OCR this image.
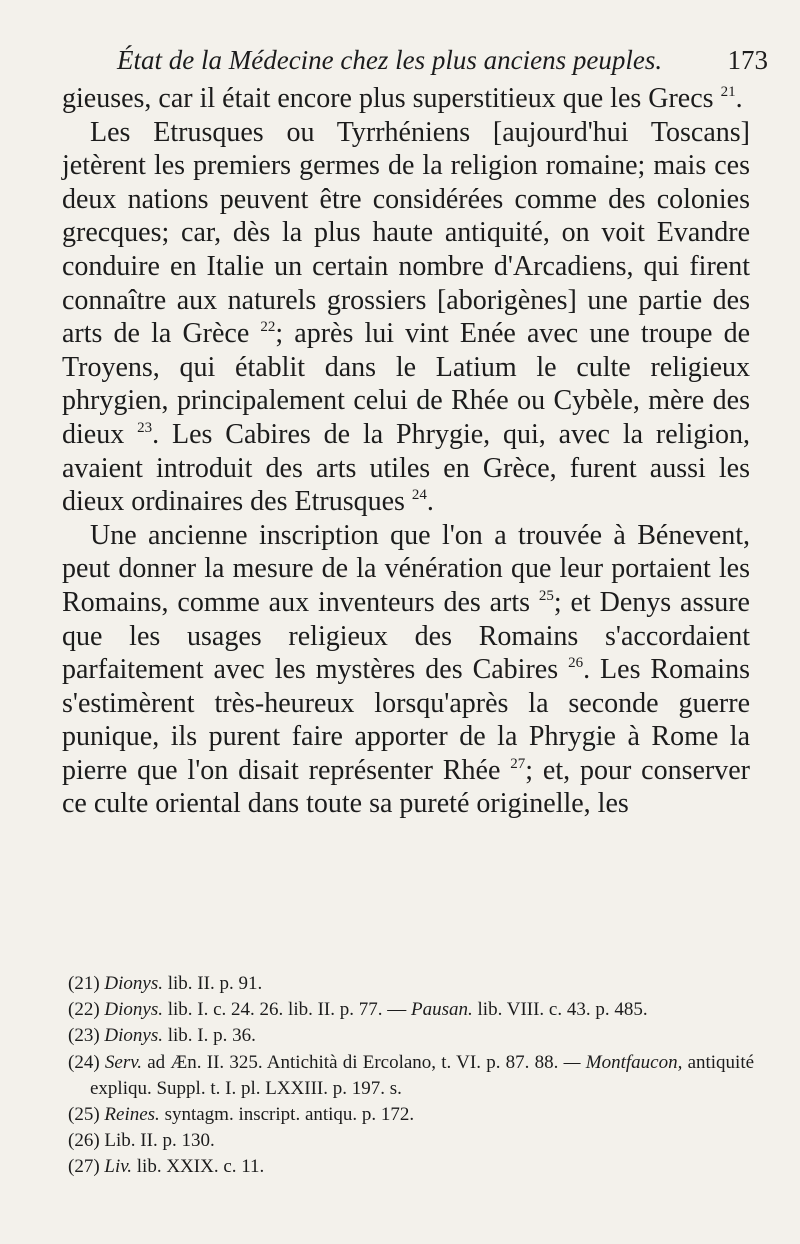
État de la Médecine chez les plus anciens peuples. 173

gieuses, car il était encore plus superstitieux que les Grecs $^{21}$.

Les Etrusques ou Tyrrhéniens [aujourd'hui Toscans] jetèrent les premiers germes de la religion romaine; mais ces deux nations peuvent être considérées comme des colonies grecques; car, dès la plus haute antiquité, on voit Evandre conduire en Italie un certain nombre d'Arcadiens, qui firent connaître aux naturels grossiers [aborigènes] une partie des arts de la Grèce $^{22}$; après lui vint Enée avec une troupe de Troyens, qui établit dans le Latium le culte religieux phrygien, principalement celui de Rhée ou Cybèle, mère des dieux $^{23}$. Les Cabires de la Phrygie, qui, avec la religion, avaient introduit des arts utiles en Grèce, furent aussi les dieux ordinaires des Etrusques $^{24}$.

Une ancienne inscription que l'on a trouvée à Bénevent, peut donner la mesure de la vénération que leur portaient les Romains, comme aux inventeurs des arts $^{25}$; et Denys assure que les usages religieux des Romains s'accordaient parfaitement avec les mystères des Cabires $^{26}$. Les Romains s'estimèrent très-heureux lorsqu'après la seconde guerre punique, ils purent faire apporter de la Phrygie à Rome la pierre que l'on disait représenter Rhée $^{27}$; et, pour conserver ce culte oriental dans toute sa pureté originelle, les

(21) Dionys. lib. II. p. 91.
(22) Dionys. lib. I. c. 24. 26. lib. II. p. 77. — Pausan. lib. VIII. c. 43. p. 485.
(23) Dionys. lib. I. p. 36.
(24) Serv. ad Æn. II. 325. Antichità di Ercolano, t. VI. p. 87. 88. — Montfaucon, antiquité expliqu. Suppl. t. I. pl. LXXIII. p. 197. s.
(25) Reines. syntagm. inscript. antiqu. p. 172.
(26) Lib. II. p. 130.
(27) Liv. lib. XXIX. c. 11.
